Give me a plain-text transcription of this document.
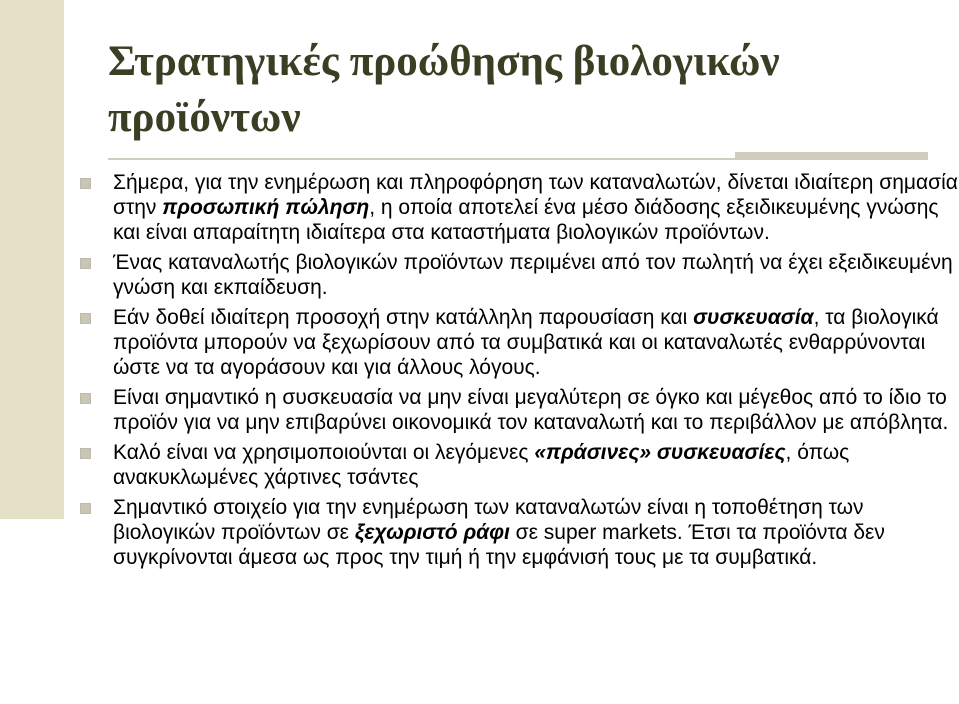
Στρατηγικές προώθησης βιολογικών προϊόντων
Σήμερα, για την ενημέρωση και πληροφόρηση των καταναλωτών, δίνεται ιδιαίτερη σημασία στην προσωπική πώληση, η οποία αποτελεί ένα μέσο διάδοσης εξειδικευμένης γνώσης και είναι απαραίτητη ιδιαίτερα στα καταστήματα βιολογικών προϊόντων.
Ένας καταναλωτής βιολογικών προϊόντων περιμένει από τον πωλητή να έχει εξειδικευμένη γνώση και εκπαίδευση.
Εάν δοθεί ιδιαίτερη προσοχή στην κατάλληλη παρουσίαση και συσκευασία, τα βιολογικά προϊόντα μπορούν να ξεχωρίσουν από τα συμβατικά και οι καταναλωτές ενθαρρύνονται ώστε να τα αγοράσουν και για άλλους λόγους.
Είναι σημαντικό η συσκευασία να μην είναι μεγαλύτερη σε όγκο και μέγεθος από το ίδιο το προϊόν για να μην επιβαρύνει οικονομικά τον καταναλωτή και το περιβάλλον με απόβλητα.
Καλό είναι να χρησιμοποιούνται οι λεγόμενες «πράσινες» συσκευασίες, όπως ανακυκλωμένες χάρτινες τσάντες
Σημαντικό στοιχείο για την ενημέρωση των καταναλωτών είναι η τοποθέτηση των βιολογικών προϊόντων σε ξεχωριστό ράφι σε super markets. Έτσι τα προϊόντα δεν συγκρίνονται άμεσα ως προς την τιμή ή την εμφάνισή τους με τα συμβατικά.
